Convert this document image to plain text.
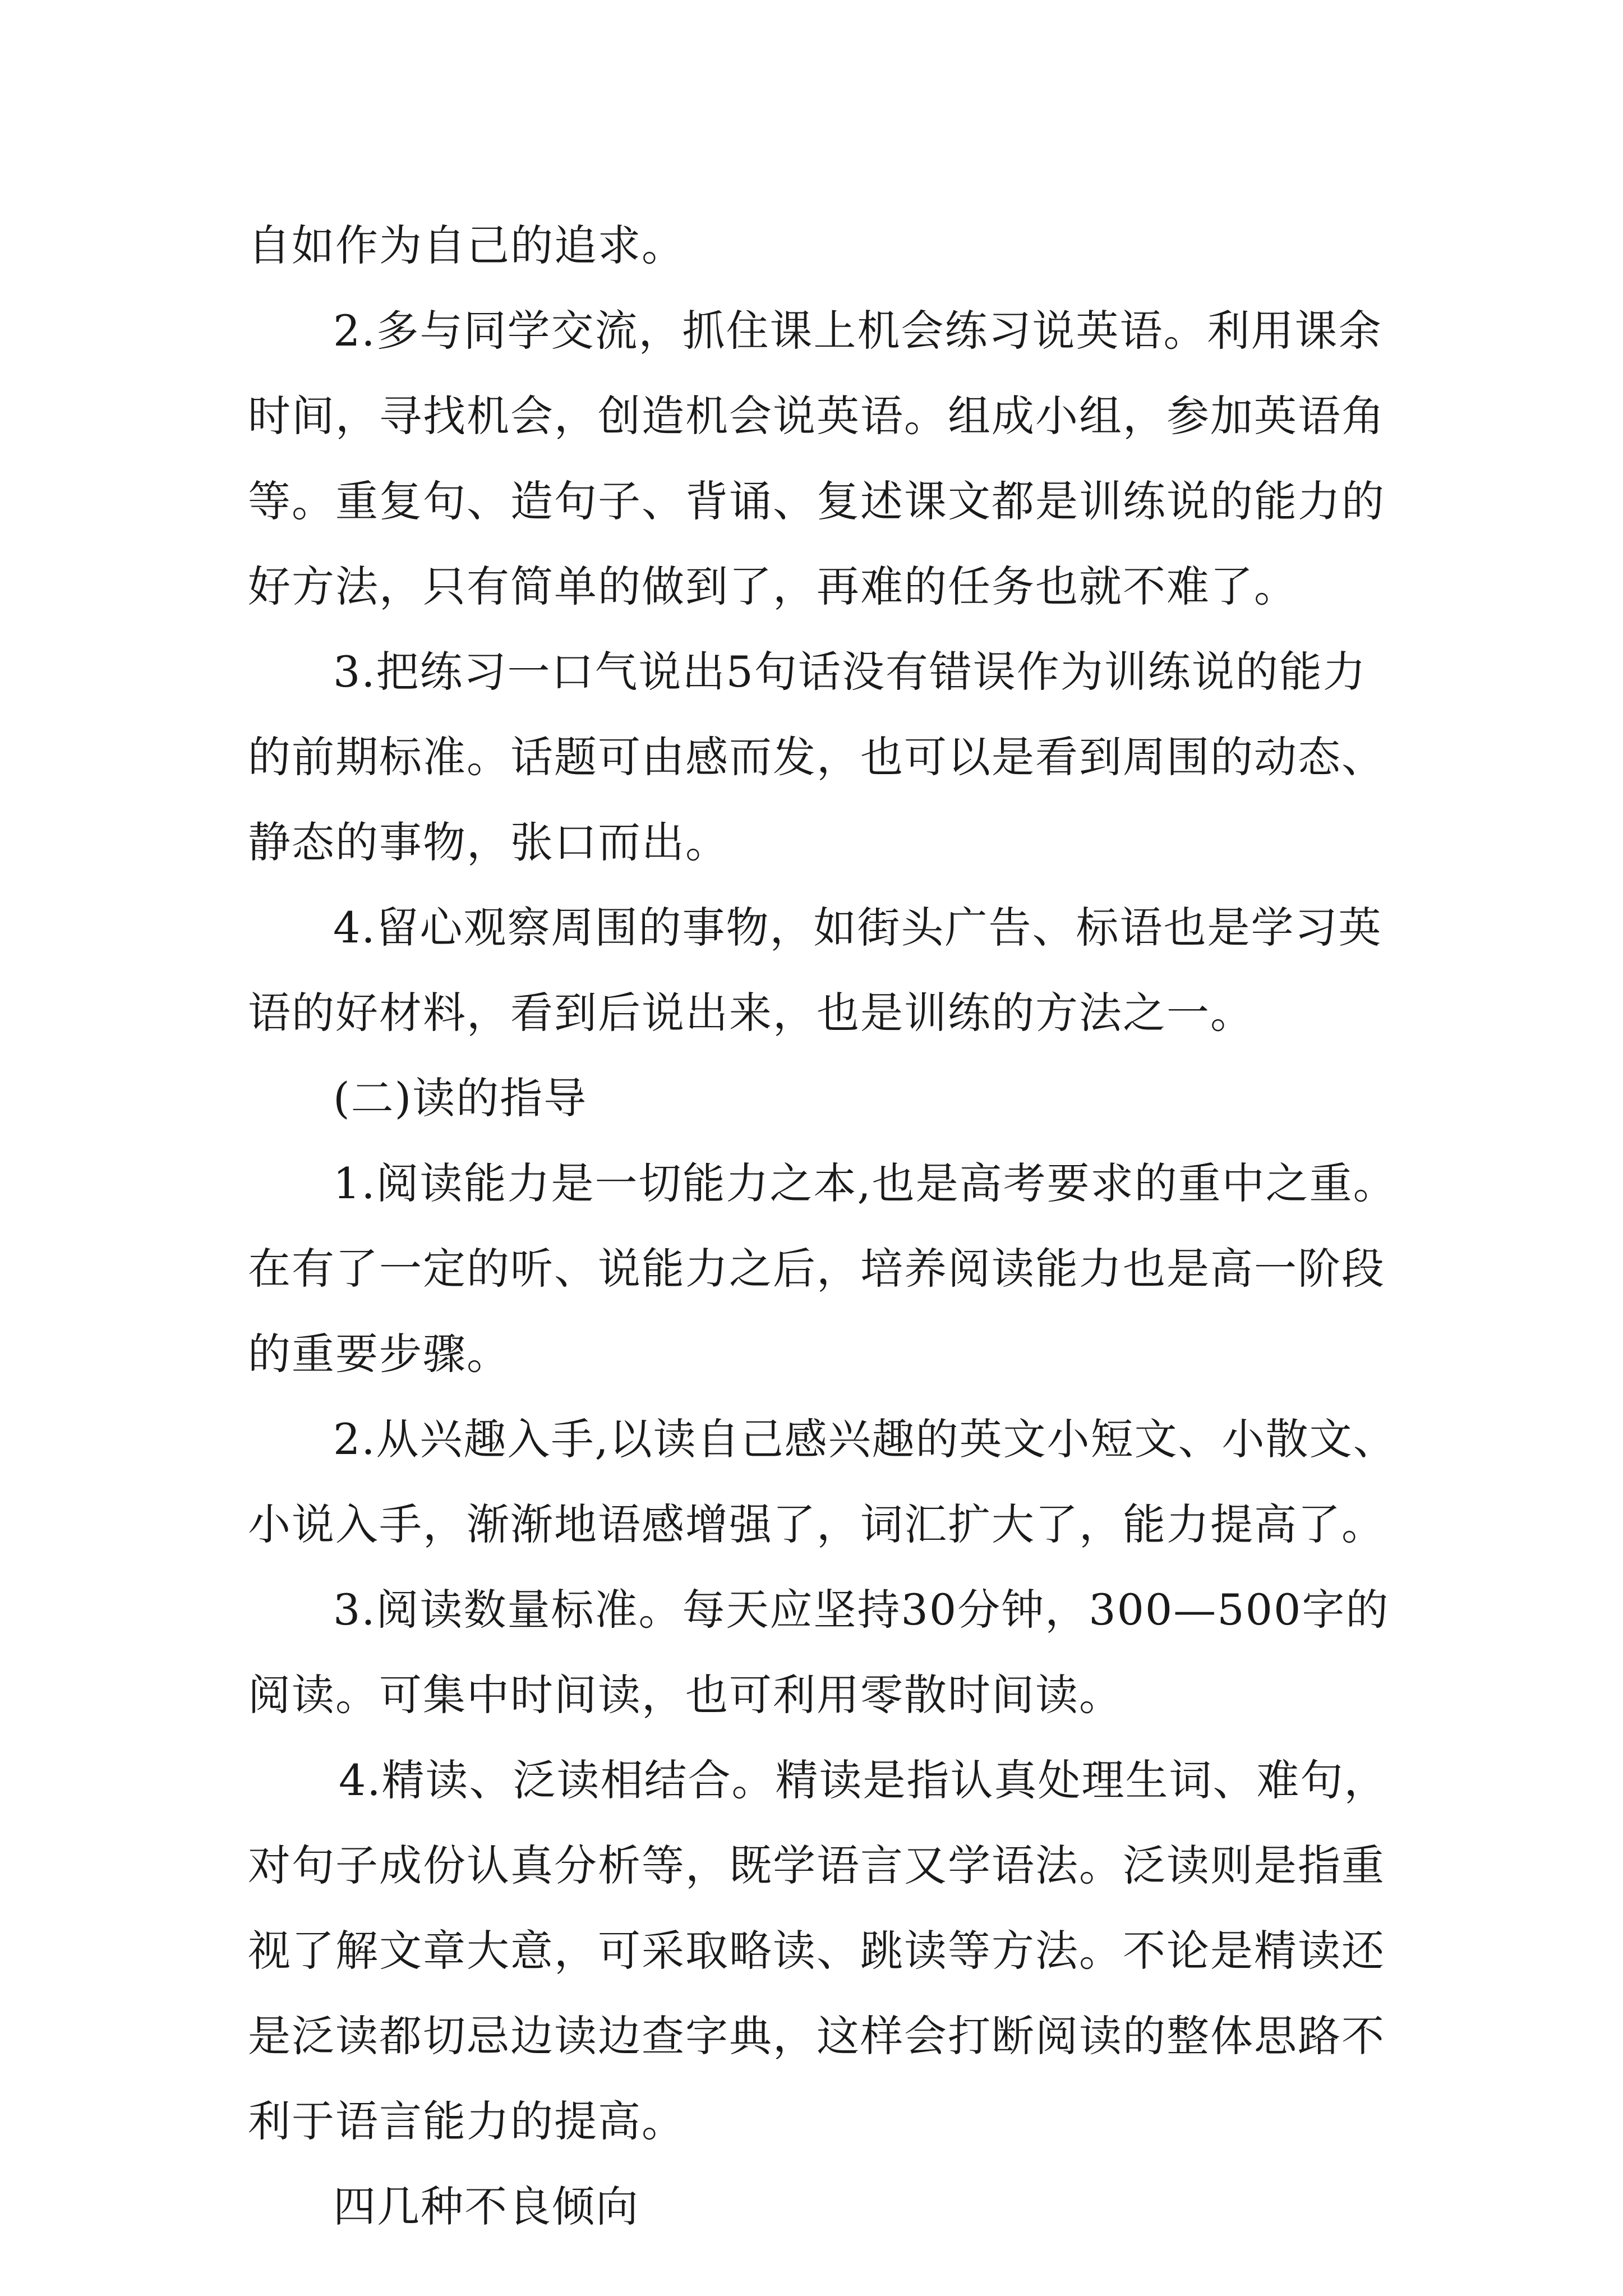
自如作为自己的追求。
2.多与同学交流，抓住课上机会练习说英语。利用课余
时间，寻找机会，创造机会说英语。组成小组，参加英语角
等。重复句、造句子、背诵、复述课文都是训练说的能力的
好方法，只有简单的做到了，再难的任务也就不难了。
3.把练习一口气说出5句话没有错误作为训练说的能力
的前期标准。话题可由感而发，也可以是看到周围的动态、
静态的事物，张口而出。
4.留心观察周围的事物，如街头广告、标语也是学习英
语的好材料，看到后说出来，也是训练的方法之一。
(二)读的指导
1.阅读能力是一切能力之本,也是高考要求的重中之重。
在有了一定的听、说能力之后，培养阅读能力也是高一阶段
的重要步骤。
2.从兴趣入手,以读自己感兴趣的英文小短文、小散文、
小说入手，渐渐地语感增强了，词汇扩大了，能力提高了。
3.阅读数量标准。每天应坚持30分钟，300—500字的
阅读。可集中时间读，也可利用零散时间读。
4.精读、泛读相结合。精读是指认真处理生词、难句，
对句子成份认真分析等，既学语言又学语法。泛读则是指重
视了解文章大意，可采取略读、跳读等方法。不论是精读还
是泛读都切忌边读边查字典，这样会打断阅读的整体思路不
利于语言能力的提高。
四几种不良倾向
